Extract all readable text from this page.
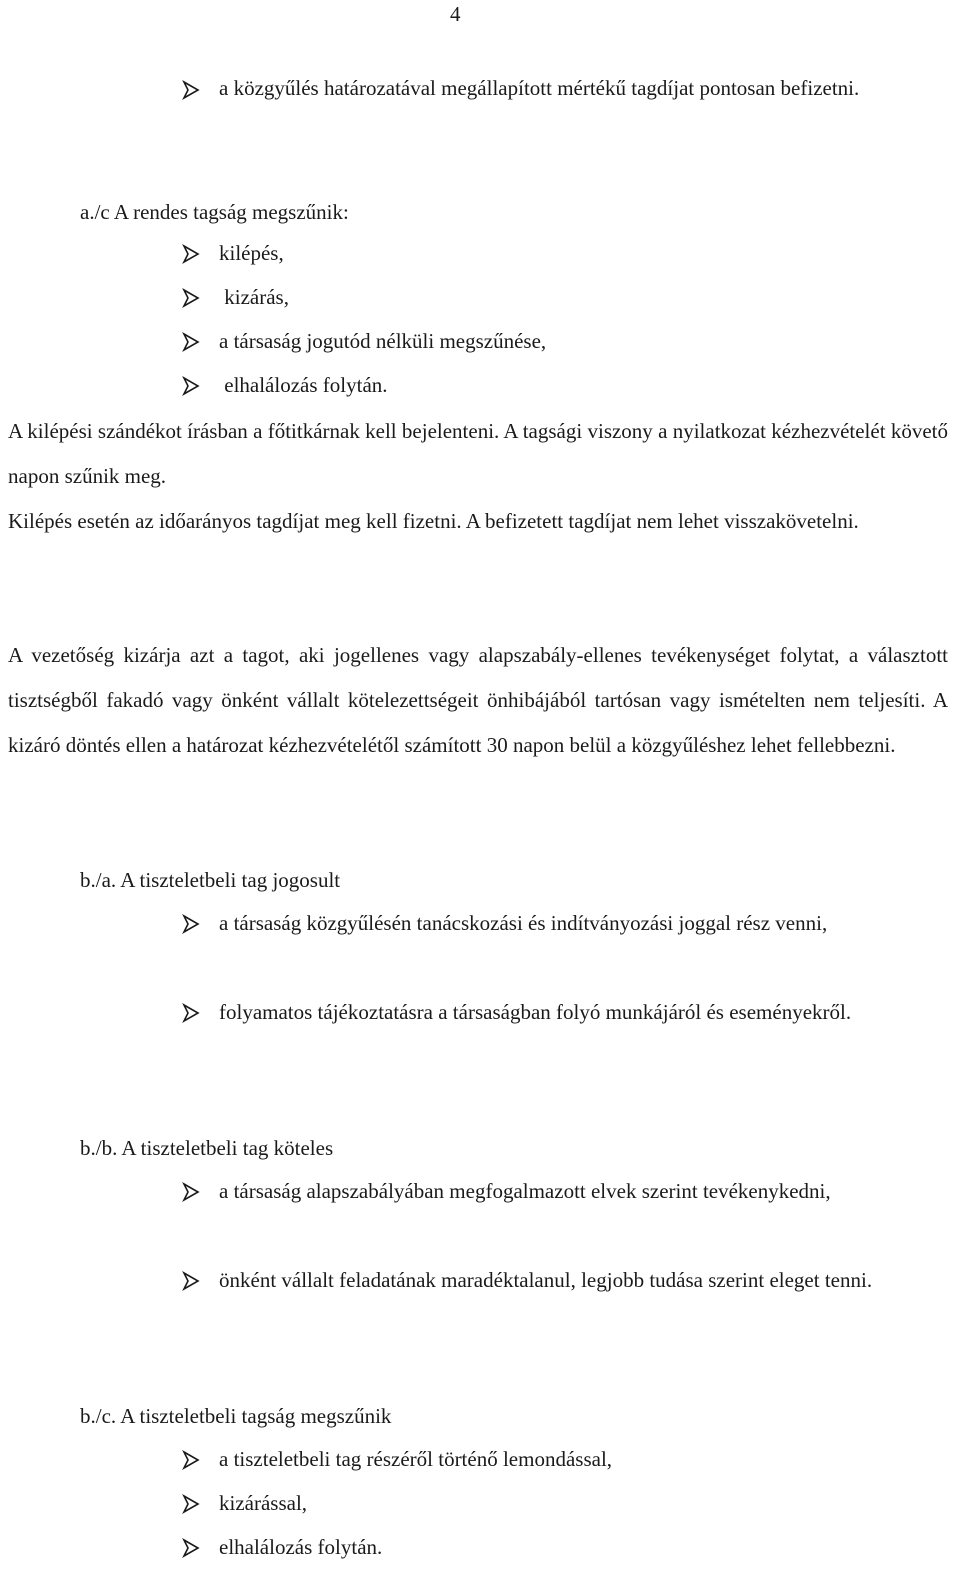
4
a közgyűlés határozatával megállapított mértékű tagdíjat pontosan befizetni.
a./c A rendes tagság megszűnik:
kilépés,
kizárás,
a társaság jogutód nélküli megszűnése,
elhalálozás folytán.
A kilépési szándékot írásban a főtitkárnak kell bejelenteni. A tagsági viszony a nyilatkozat kézhezvételét követő napon szűnik meg.
Kilépés esetén az időarányos tagdíjat meg kell fizetni. A befizetett tagdíjat nem lehet visszakövetelni.
A vezetőség kizárja azt a tagot, aki jogellenes vagy alapszabály-ellenes tevékenységet folytat, a választott tisztségből fakadó vagy önként vállalt kötelezettségeit önhibájából tartósan vagy ismételten nem teljesíti. A kizáró döntés ellen a határozat kézhezvételétől számított 30 napon belül a közgyűléshez lehet fellebbezni.
b./a. A tiszteletbeli tag jogosult
a társaság közgyűlésén tanácskozási és indítványozási joggal rész venni,
folyamatos tájékoztatásra a társaságban folyó munkájáról és eseményekről.
b./b. A tiszteletbeli tag köteles
a társaság alapszabályában megfogalmazott elvek szerint tevékenykedni,
önként vállalt feladatának maradéktalanul, legjobb tudása szerint eleget tenni.
b./c. A tiszteletbeli tagság megszűnik
a tiszteletbeli tag részéről történő lemondással,
kizárással,
elhalálozás folytán.
